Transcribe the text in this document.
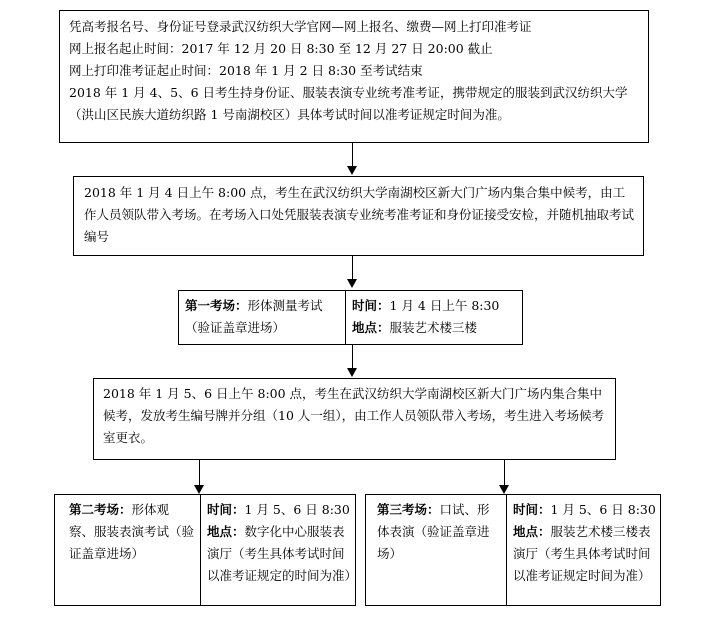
凭高考报名号、身份证号登录武汉纺织大学官网—网上报名、缴费—网上打印准考证

网上报名起止时间：2017 年 12 月 20 日 8:30 至 12 月 27 日 20:00 截止

网上打印准考证起止时间：2018 年 1 月 2 日 8:30 至考试结束

2018 年 1 月 4、5、6 日考生持身份证、服装表演专业统考准考证，携带规定的服装到武汉纺织大学（洪山区民族大道纺织路 1 号南湖校区）具体考试时间以准考证规定时间为准。

2018 年 1 月 4 日上午 8:00 点，考生在武汉纺织大学南湖校区新大门广场内集合集中候考，由工作人员领队带入考场。在考场入口处凭服装表演专业统考准考证和身份证接受安检，并随机抽取考试编号

第一考场：形体测量考试（验证盖章进场）

时间：1 月 4 日上午 8:30

地点：服装艺术楼三楼

2018 年 1 月 5、6 日上午 8:00 点，考生在武汉纺织大学南湖校区新大门广场内集合集中候考，发放考生编号牌并分组（10 人一组），由工作人员领队带入考场，考生进入考场候考室更衣。

第二考场：形体观察、服装表演考试（验证盖章进场）

时间：1 月 5、6 日 8:30

地点：数字化中心服装表演厅（考生具体考试时间以准考证规定的时间为准）

第三考场：口试、形体表演（验证盖章进场）

时间：1 月 5、6 日 8:30

地点：服装艺术楼三楼表演厅（考生具体考试时间以准考证规定时间为准）
